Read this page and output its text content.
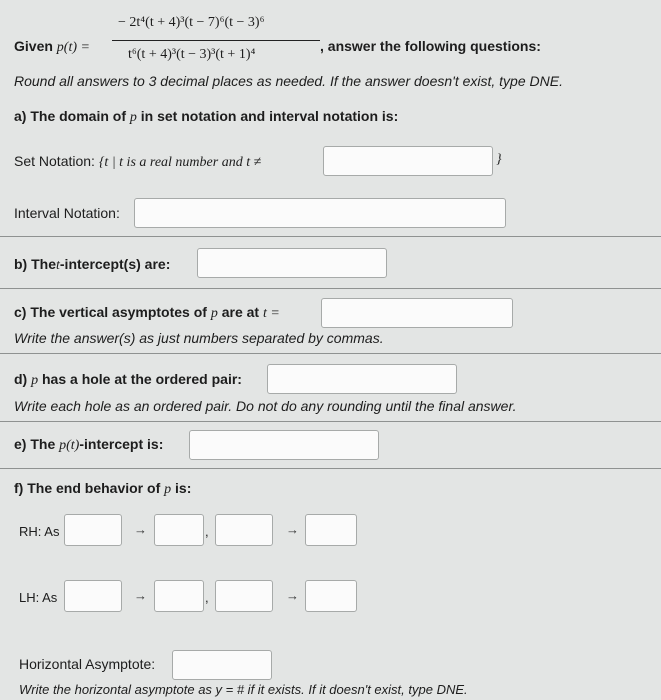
Given p(t) =
− 2t⁴(t + 4)³(t − 7)⁶(t − 3)⁶
t⁶(t + 4)³(t − 3)³(t + 1)⁴
, answer the following questions:
Round all answers to 3 decimal places as needed. If the answer doesn't exist, type DNE.
a) The domain of p in set notation and interval notation is:
Set Notation: {t | t is a real number and t ≠	}
Interval Notation:
b) Thet-intercept(s) are:
c) The vertical asymptotes of p are at t =
Write the answer(s) as just numbers separated by commas.
d) p has a hole at the ordered pair:
Write each hole as an ordered pair. Do not do any rounding until the final answer.
e) The p(t)-intercept is:
f) The end behavior of p is:
RH: As	→	,	→
LH: As	→	,	→
Horizontal Asymptote:
Write the horizontal asymptote as y = # if it exists. If it doesn't exist, type DNE.
